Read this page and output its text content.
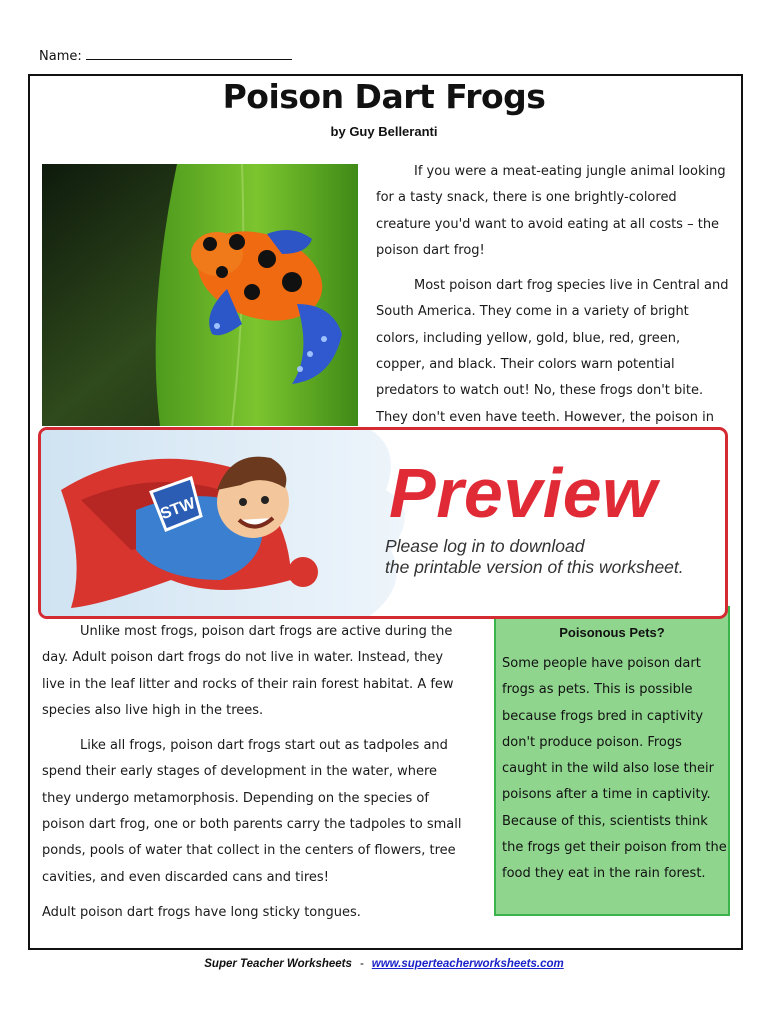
Name:
Poison Dart Frogs
by Guy Belleranti

If you were a meat-eating jungle animal looking for a tasty snack, there is one brightly-colored creature you'd want to avoid eating at all costs – the poison dart frog!

Most poison dart frog species live in Central and South America. They come in a variety of bright colors, including yellow, gold, blue, red, green, copper, and black. Their colors warn potential predators to watch out! No, these frogs don't bite. They don't even have teeth. However, the poison in

Unlike most frogs, poison dart frogs are active during the day. Adult poison dart frogs do not live in water. Instead, they live in the leaf litter and rocks of their rain forest habitat. A few species also live high in the trees.

Like all frogs, poison dart frogs start out as tadpoles and spend their early stages of development in the water, where they undergo metamorphosis. Depending on the species of poison dart frog, one or both parents carry the tadpoles to small ponds, pools of water that collect in the centers of flowers, tree cavities, and even discarded cans and tires!

Adult poison dart frogs have long sticky tongues.

Poisonous Pets?

Some people have poison dart frogs as pets. This is possible because frogs bred in captivity don't produce poison. Frogs caught in the wild also lose their poisons after a time in captivity. Because of this, scientists think the frogs get their poison from the food they eat in the rain forest.

STW	Preview
Please log in to download
the printable version of this worksheet.
Super Teacher Worksheets - www.superteacherworksheets.com
